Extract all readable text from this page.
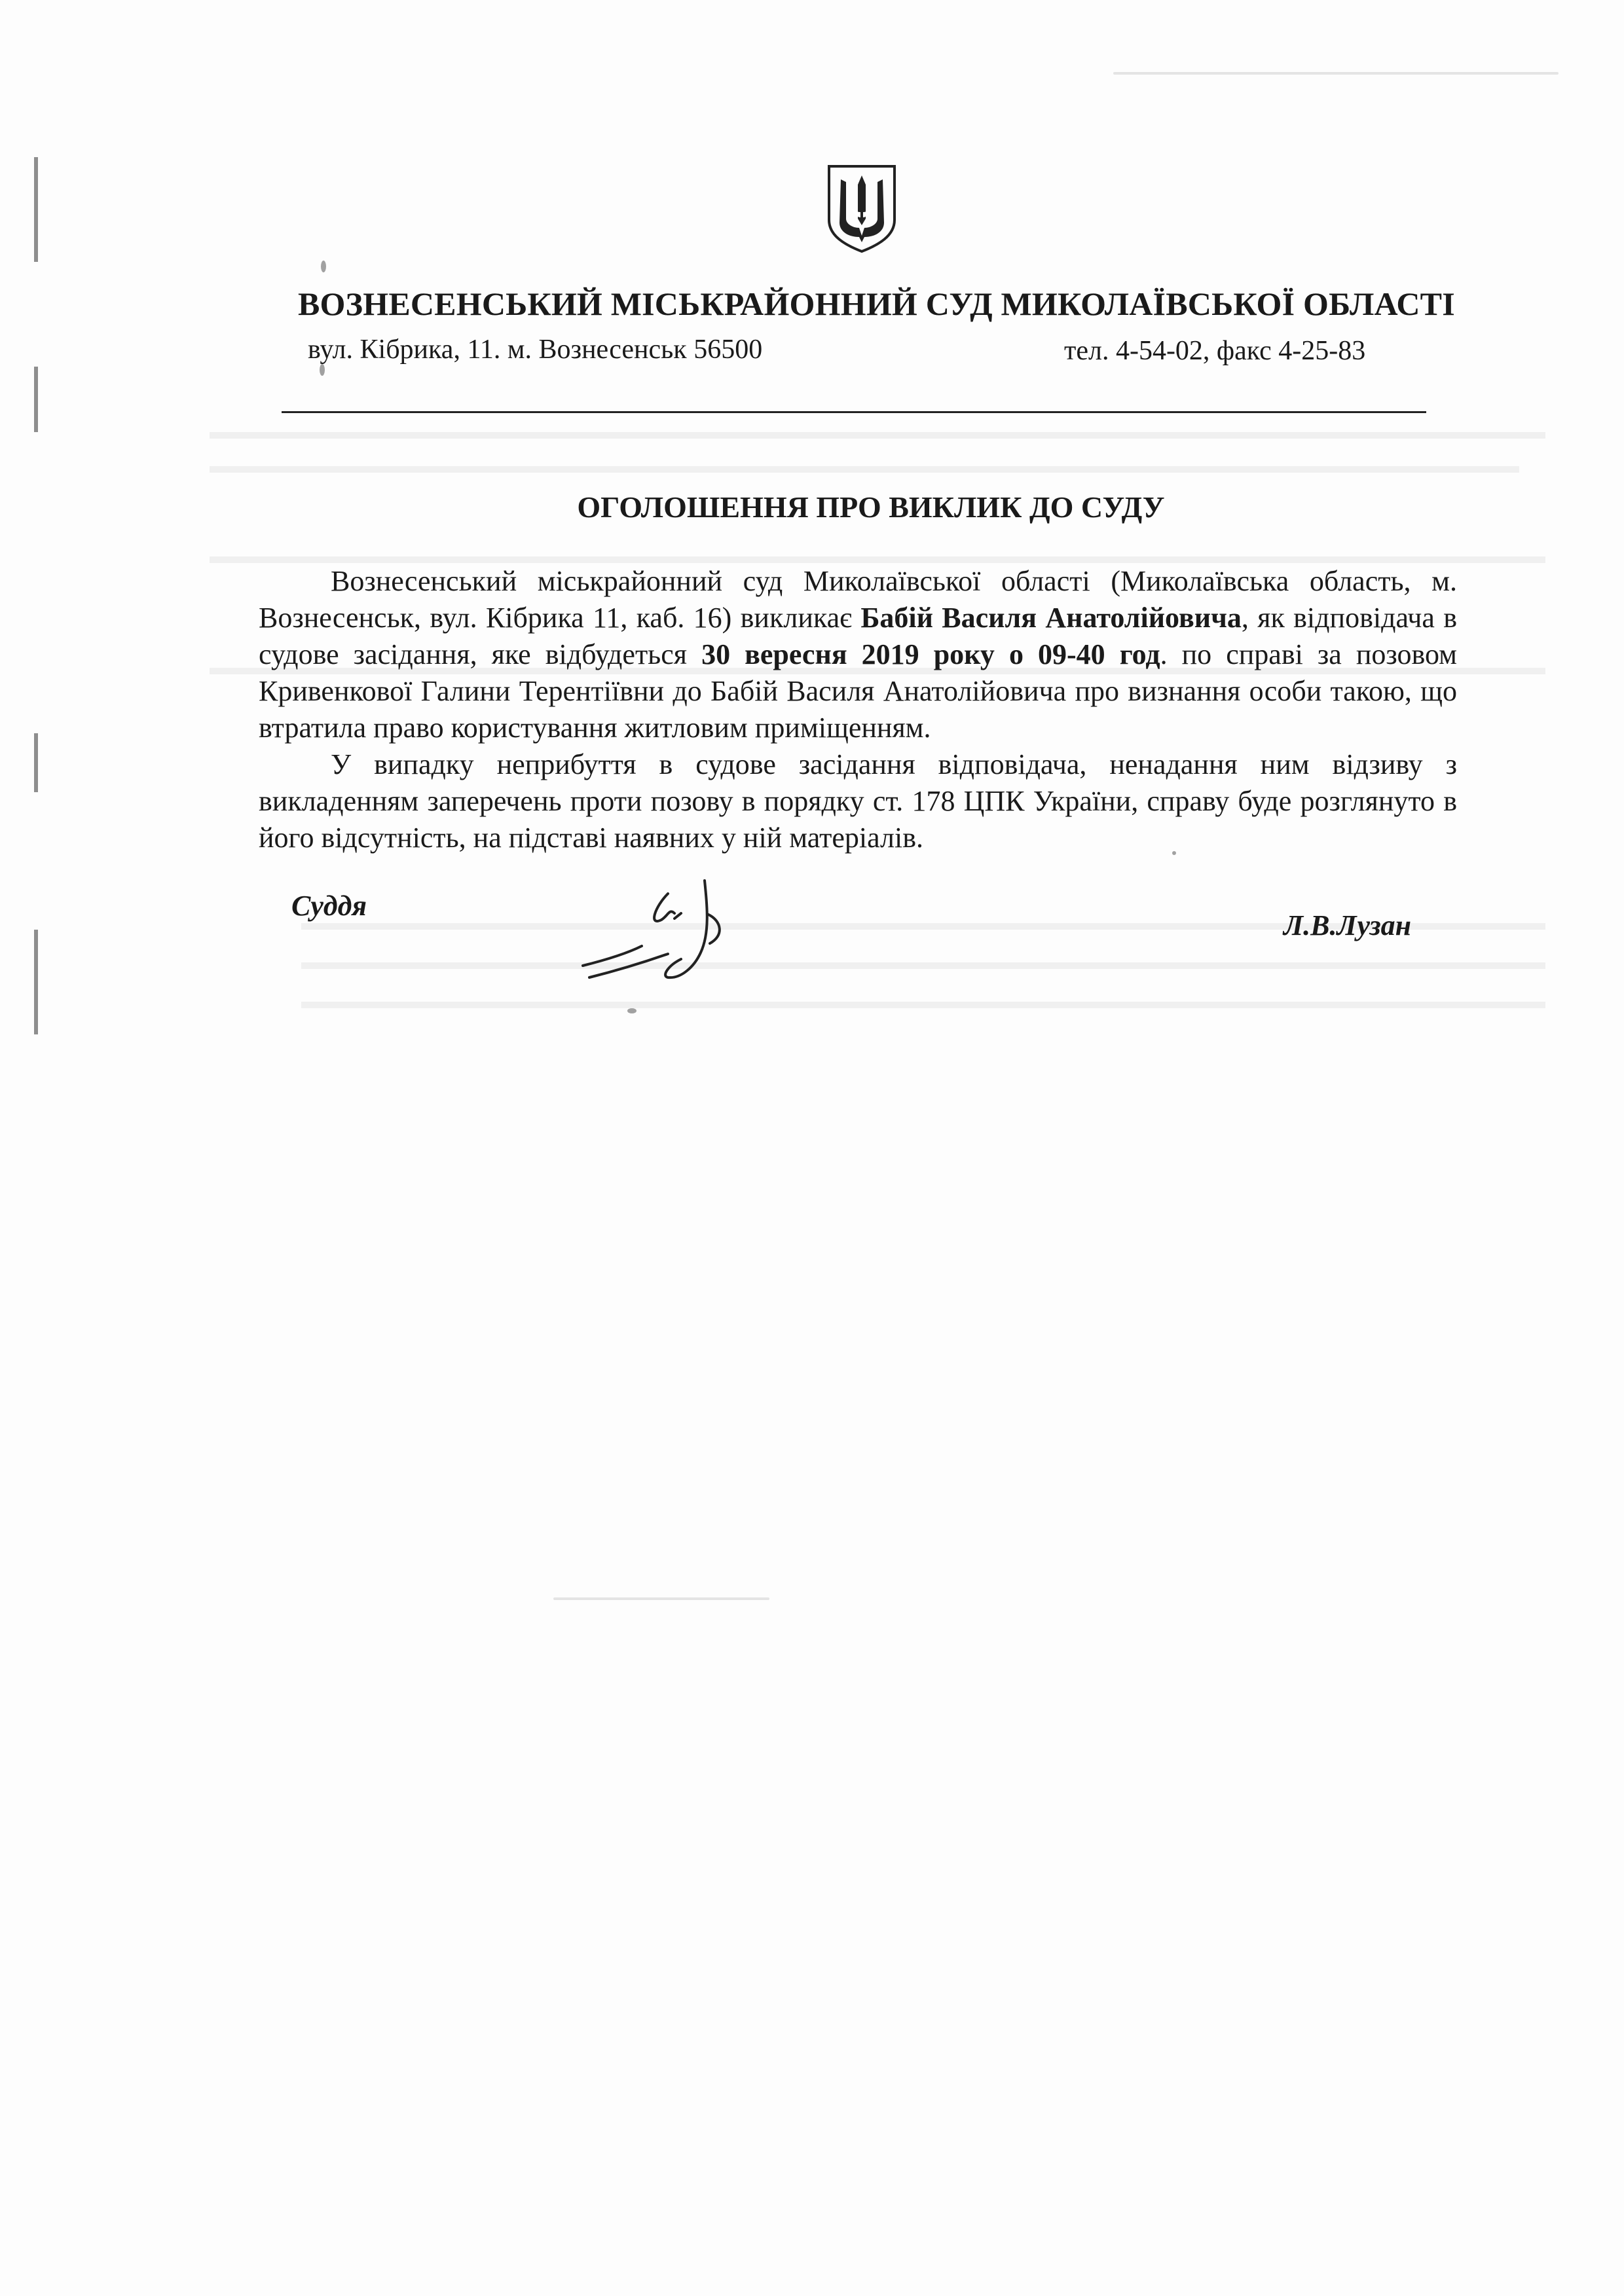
ВОЗНЕСЕНСЬКИЙ МІСЬКРАЙОННИЙ СУД МИКОЛАЇВСЬКОЇ ОБЛАСТІ
вул. Кібрика, 11. м. Вознесенськ 56500	тел. 4-54-02, факс 4-25-83
ОГОЛОШЕННЯ ПРО ВИКЛИК ДО СУДУ

Вознесенський міськрайонний суд Миколаївської області (Миколаївська область, м. Вознесенськ, вул. Кібрика 11, каб. 16) викликає Бабій Василя Анатолійовича, як відповідача в судове засідання, яке відбудеться 30 вересня 2019 року о 09-40 год. по справі за позовом Кривенкової Галини Терентіївни до Бабій Василя Анатолійовича про визнання особи такою, що втратила право користування житловим приміщенням.

У випадку неприбуття в судове засідання відповідача, ненадання ним відзиву з викладенням заперечень проти позову в порядку ст. 178 ЦПК України, справу буде розглянуто в його відсутність, на підставі наявних у ній матеріалів.

Суддя
Л.В.Лузан
